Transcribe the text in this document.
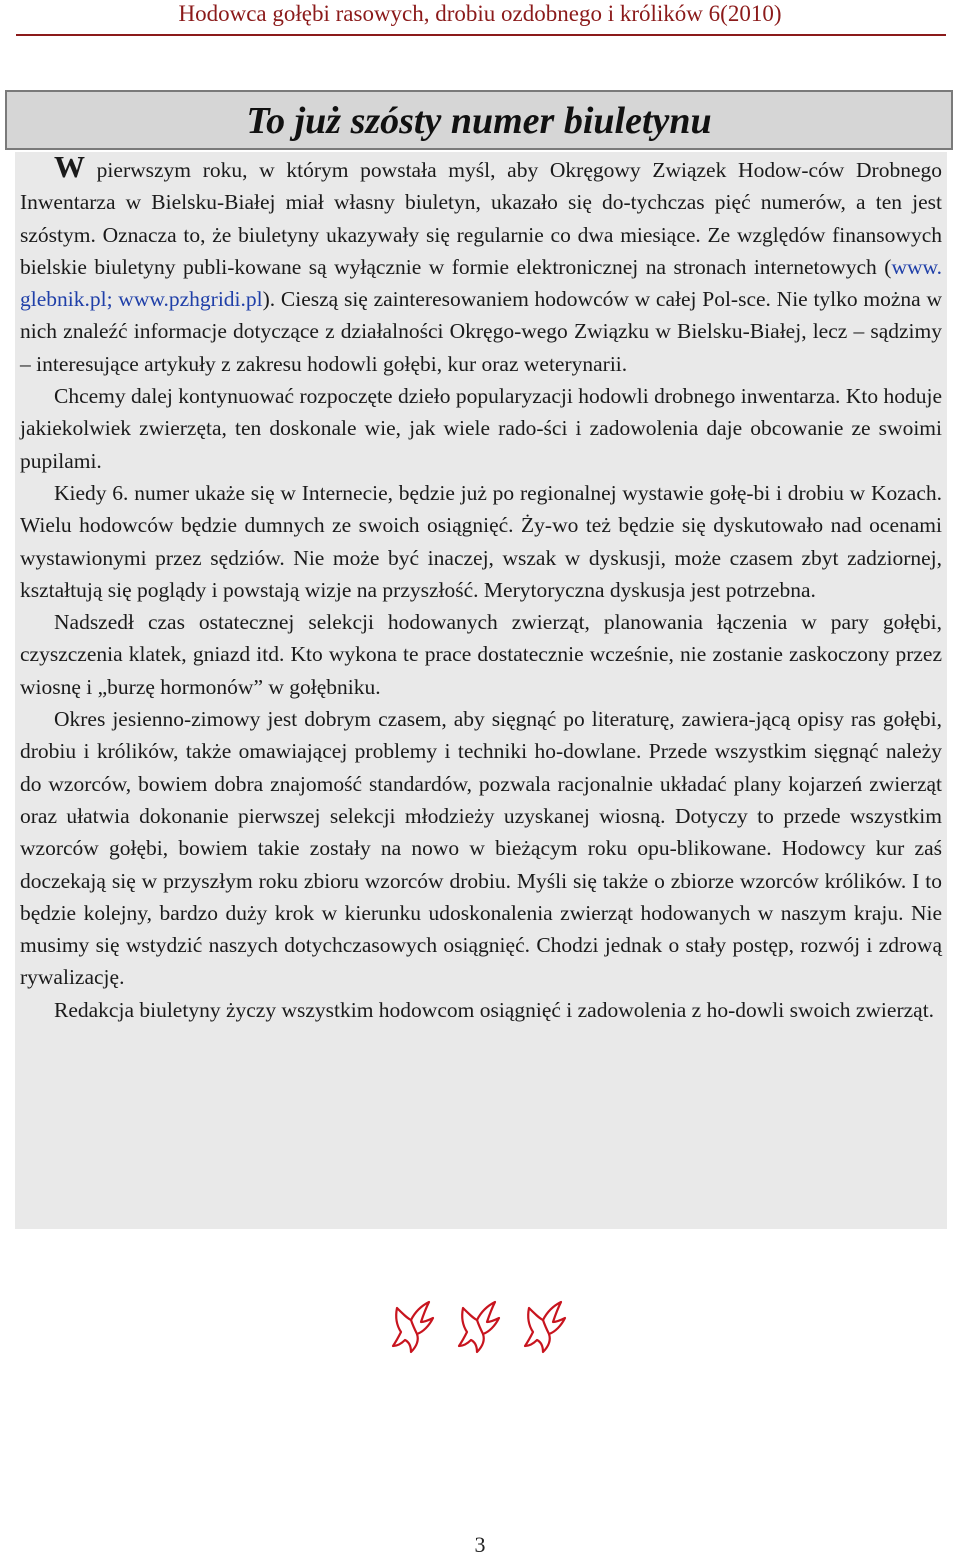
Hodowca gołębi rasowych, drobiu ozdobnego i królików 6(2010)
To już szósty numer biuletynu

W pierwszym roku, w którym powstała myśl, aby Okręgowy Związek Hodow-ców Drobnego Inwentarza w Bielsku-Białej miał własny biuletyn, ukazało się do-tychczas pięć numerów, a ten jest szóstym. Oznacza to, że biuletyny ukazywały się regularnie co dwa miesiące. Ze względów finansowych bielskie biuletyny publi-kowane są wyłącznie w formie elektronicznej na stronach internetowych (www. glebnik.pl; www.pzhgridi.pl). Cieszą się zainteresowaniem hodowców w całej Pol-sce. Nie tylko można w nich znaleźć informacje dotyczące z działalności Okręgo-wego Związku w Bielsku-Białej, lecz – sądzimy – interesujące artykuły z zakresu hodowli gołębi, kur oraz weterynarii.

Chcemy dalej kontynuować rozpoczęte dzieło popularyzacji hodowli drobnego inwentarza. Kto hoduje jakiekolwiek zwierzęta, ten doskonale wie, jak wiele rado-ści i zadowolenia daje obcowanie ze swoimi pupilami.

Kiedy 6. numer ukaże się w Internecie, będzie już po regionalnej wystawie gołę-bi i drobiu w Kozach. Wielu hodowców będzie dumnych ze swoich osiągnięć. Ży-wo też będzie się dyskutowało nad ocenami wystawionymi przez sędziów. Nie może być inaczej, wszak w dyskusji, może czasem zbyt zadziornej, kształtują się poglądy i powstają wizje na przyszłość. Merytoryczna dyskusja jest potrzebna.

Nadszedł czas ostatecznej selekcji hodowanych zwierząt, planowania łączenia w pary gołębi, czyszczenia klatek, gniazd itd. Kto wykona te prace dostatecznie wcześnie, nie zostanie zaskoczony przez wiosnę i „burzę hormonów” w gołębniku.

Okres jesienno-zimowy jest dobrym czasem, aby sięgnąć po literaturę, zawiera-jącą opisy ras gołębi, drobiu i królików, także omawiającej problemy i techniki ho-dowlane. Przede wszystkim sięgnąć należy do wzorców, bowiem dobra znajomość standardów, pozwala racjonalnie układać plany kojarzeń zwierząt oraz ułatwia dokonanie pierwszej selekcji młodzieży uzyskanej wiosną. Dotyczy to przede wszystkim wzorców gołębi, bowiem takie zostały na nowo w bieżącym roku opu-blikowane. Hodowcy kur zaś doczekają się w przyszłym roku zbioru wzorców drobiu. Myśli się także o zbiorze wzorców królików. I to będzie kolejny, bardzo duży krok w kierunku udoskonalenia zwierząt hodowanych w naszym kraju. Nie musimy się wstydzić naszych dotychczasowych osiągnięć. Chodzi jednak o stały postęp, rozwój i zdrową rywalizację.

Redakcja biuletyny życzy wszystkim hodowcom osiągnięć i zadowolenia z ho-dowli swoich zwierząt.

3
